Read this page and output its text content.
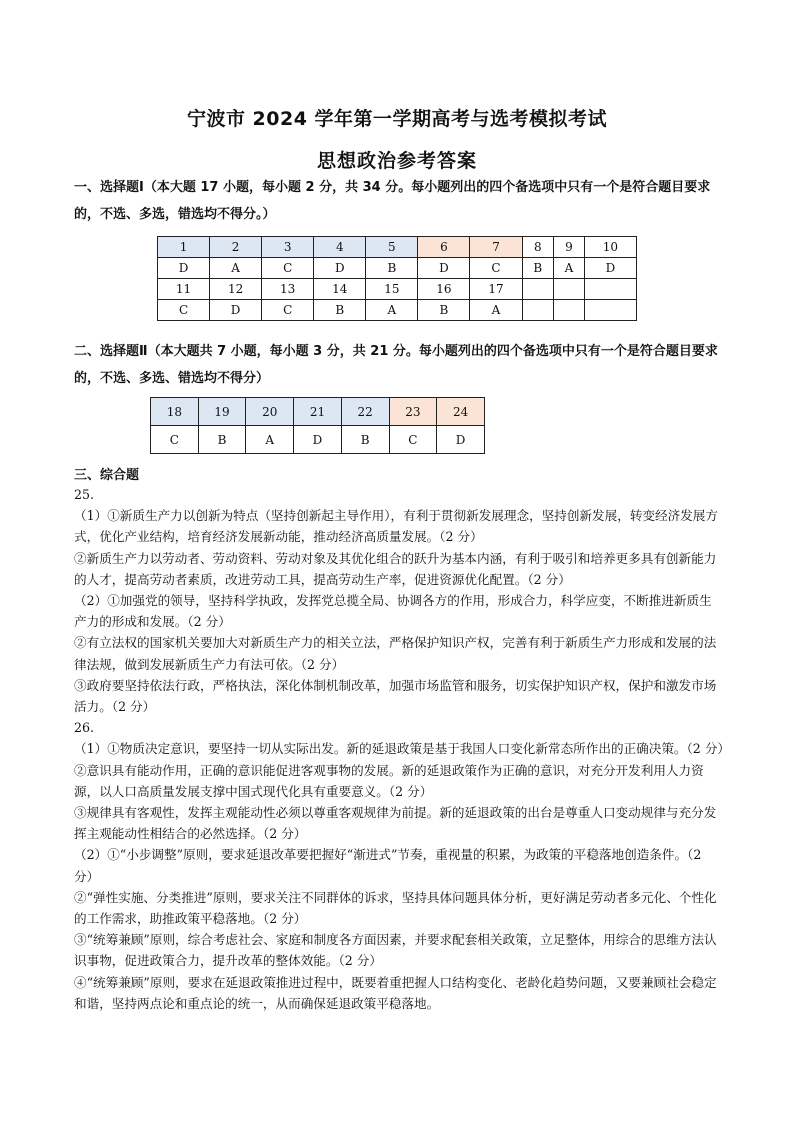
宁波市 2024 学年第一学期高考与选考模拟考试
思想政治参考答案
一、选择题Ⅰ（本大题 17 小题，每小题 2 分，共 34 分。每小题列出的四个备选项中只有一个是符合题目要求的，不选、多选，错选均不得分。）
1	2	3	4	5	6	7	8	9	10
D	A	C	D	B	D	C	B	A	D
11	12	13	14	15	16	17			
C	D	C	B	A	B	A			
二、选择题Ⅱ（本大题共 7 小题，每小题 3 分，共 21 分。每小题列出的四个备选项中只有一个是符合题目要求的，不选、多选、错选均不得分）
18	19	20	21	22	23	24
C	B	A	D	B	C	D
三、综合题

25.

（1）①新质生产力以创新为特点（坚持创新起主导作用），有利于贯彻新发展理念，坚持创新发展，转变经济发展方式，优化产业结构，培育经济发展新动能，推动经济高质量发展。（2 分）

②新质生产力以劳动者、劳动资料、劳动对象及其优化组合的跃升为基本内涵，有利于吸引和培养更多具有创新能力的人才，提高劳动者素质，改进劳动工具，提高劳动生产率，促进资源优化配置。（2 分）

（2）①加强党的领导，坚持科学执政，发挥党总揽全局、协调各方的作用，形成合力，科学应变，不断推进新质生产力的形成和发展。（2 分）

②有立法权的国家机关要加大对新质生产力的相关立法，严格保护知识产权，完善有利于新质生产力形成和发展的法律法规，做到发展新质生产力有法可依。（2 分）

③政府要坚持依法行政，严格执法，深化体制机制改革，加强市场监管和服务，切实保护知识产权，保护和激发市场活力。（2 分）

26.

（1）①物质决定意识，要坚持一切从实际出发。新的延退政策是基于我国人口变化新常态所作出的正确决策。（2 分）

②意识具有能动作用，正确的意识能促进客观事物的发展。新的延退政策作为正确的意识，对充分开发利用人力资源，以人口高质量发展支撑中国式现代化具有重要意义。（2 分）

③规律具有客观性，发挥主观能动性必须以尊重客观规律为前提。新的延退政策的出台是尊重人口变动规律与充分发挥主观能动性相结合的必然选择。（2 分）

（2）①“小步调整”原则，要求延退改革要把握好“渐进式”节奏，重视量的积累，为政策的平稳落地创造条件。（2 分）

②“弹性实施、分类推进”原则，要求关注不同群体的诉求，坚持具体问题具体分析，更好满足劳动者多元化、个性化的工作需求，助推政策平稳落地。（2 分）

③“统筹兼顾”原则，综合考虑社会、家庭和制度各方面因素，并要求配套相关政策，立足整体，用综合的思维方法认识事物，促进政策合力，提升改革的整体效能。（2 分）

④“统筹兼顾”原则，要求在延退政策推进过程中，既要着重把握人口结构变化、老龄化趋势问题，又要兼顾社会稳定和谐，坚持两点论和重点论的统一，从而确保延退政策平稳落地。
